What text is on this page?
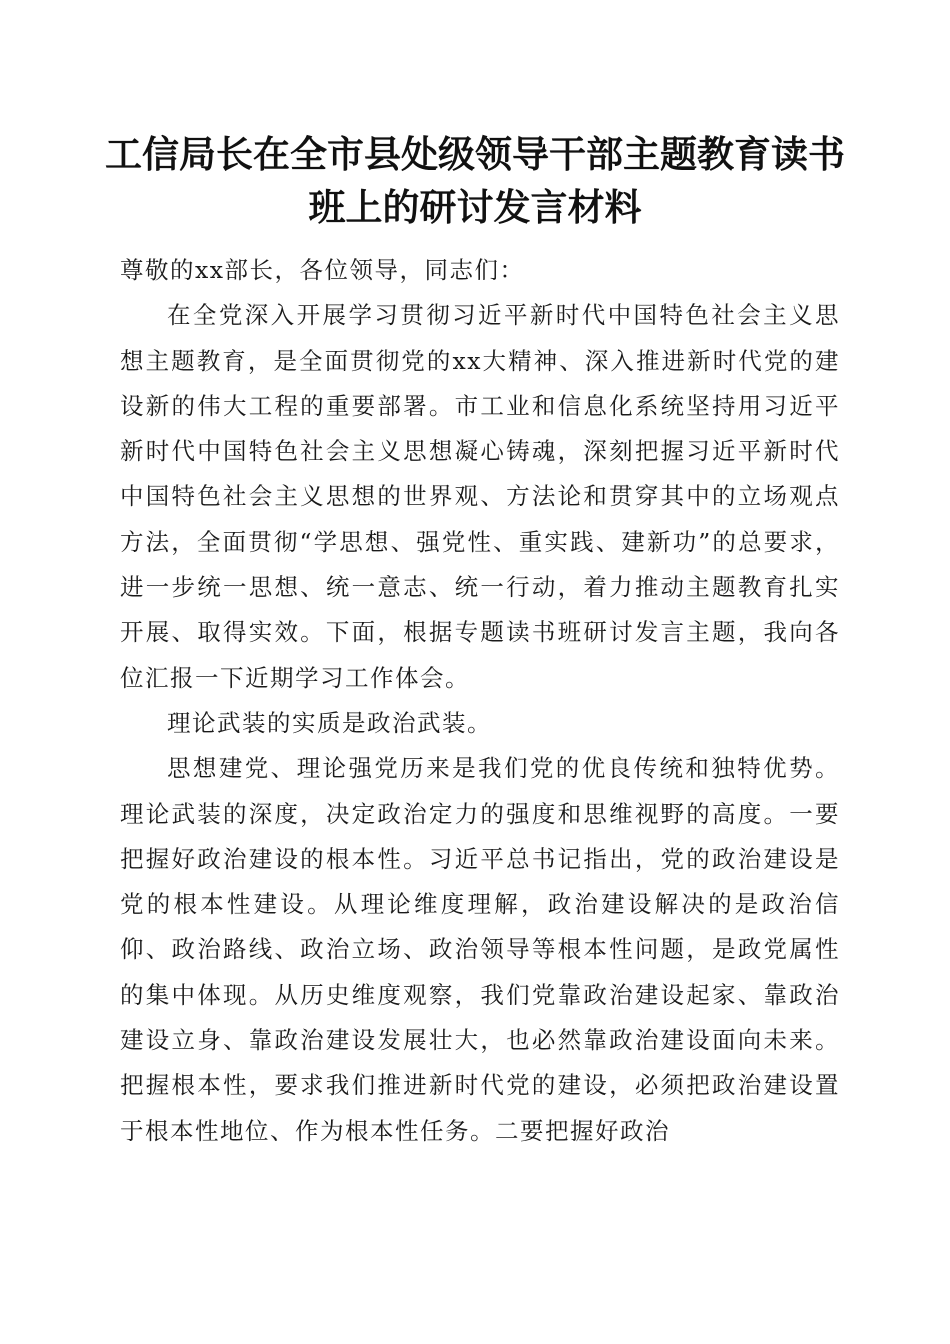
工信局长在全市县处级领导干部主题教育读书
班上的研讨发言材料

尊敬的xx部长，各位领导，同志们：

在全党深入开展学习贯彻习近平新时代中国特色社会主义思想主题教育，是全面贯彻党的xx大精神、深入推进新时代党的建设新的伟大工程的重要部署。市工业和信息化系统坚持用习近平新时代中国特色社会主义思想凝心铸魂，深刻把握习近平新时代中国特色社会主义思想的世界观、方法论和贯穿其中的立场观点方法，全面贯彻“学思想、强党性、重实践、建新功”的总要求，进一步统一思想、统一意志、统一行动，着力推动主题教育扎实开展、取得实效。下面，根据专题读书班研讨发言主题，我向各位汇报一下近期学习工作体会。

理论武装的实质是政治武装。

思想建党、理论强党历来是我们党的优良传统和独特优势。理论武装的深度，决定政治定力的强度和思维视野的高度。一要把握好政治建设的根本性。习近平总书记指出，党的政治建设是党的根本性建设。从理论维度理解，政治建设解决的是政治信仰、政治路线、政治立场、政治领导等根本性问题，是政党属性的集中体现。从历史维度观察，我们党靠政治建设起家、靠政治建设立身、靠政治建设发展壮大，也必然靠政治建设面向未来。把握根本性，要求我们推进新时代党的建设，必须把政治建设置于根本性地位、作为根本性任务。二要把握好政治
